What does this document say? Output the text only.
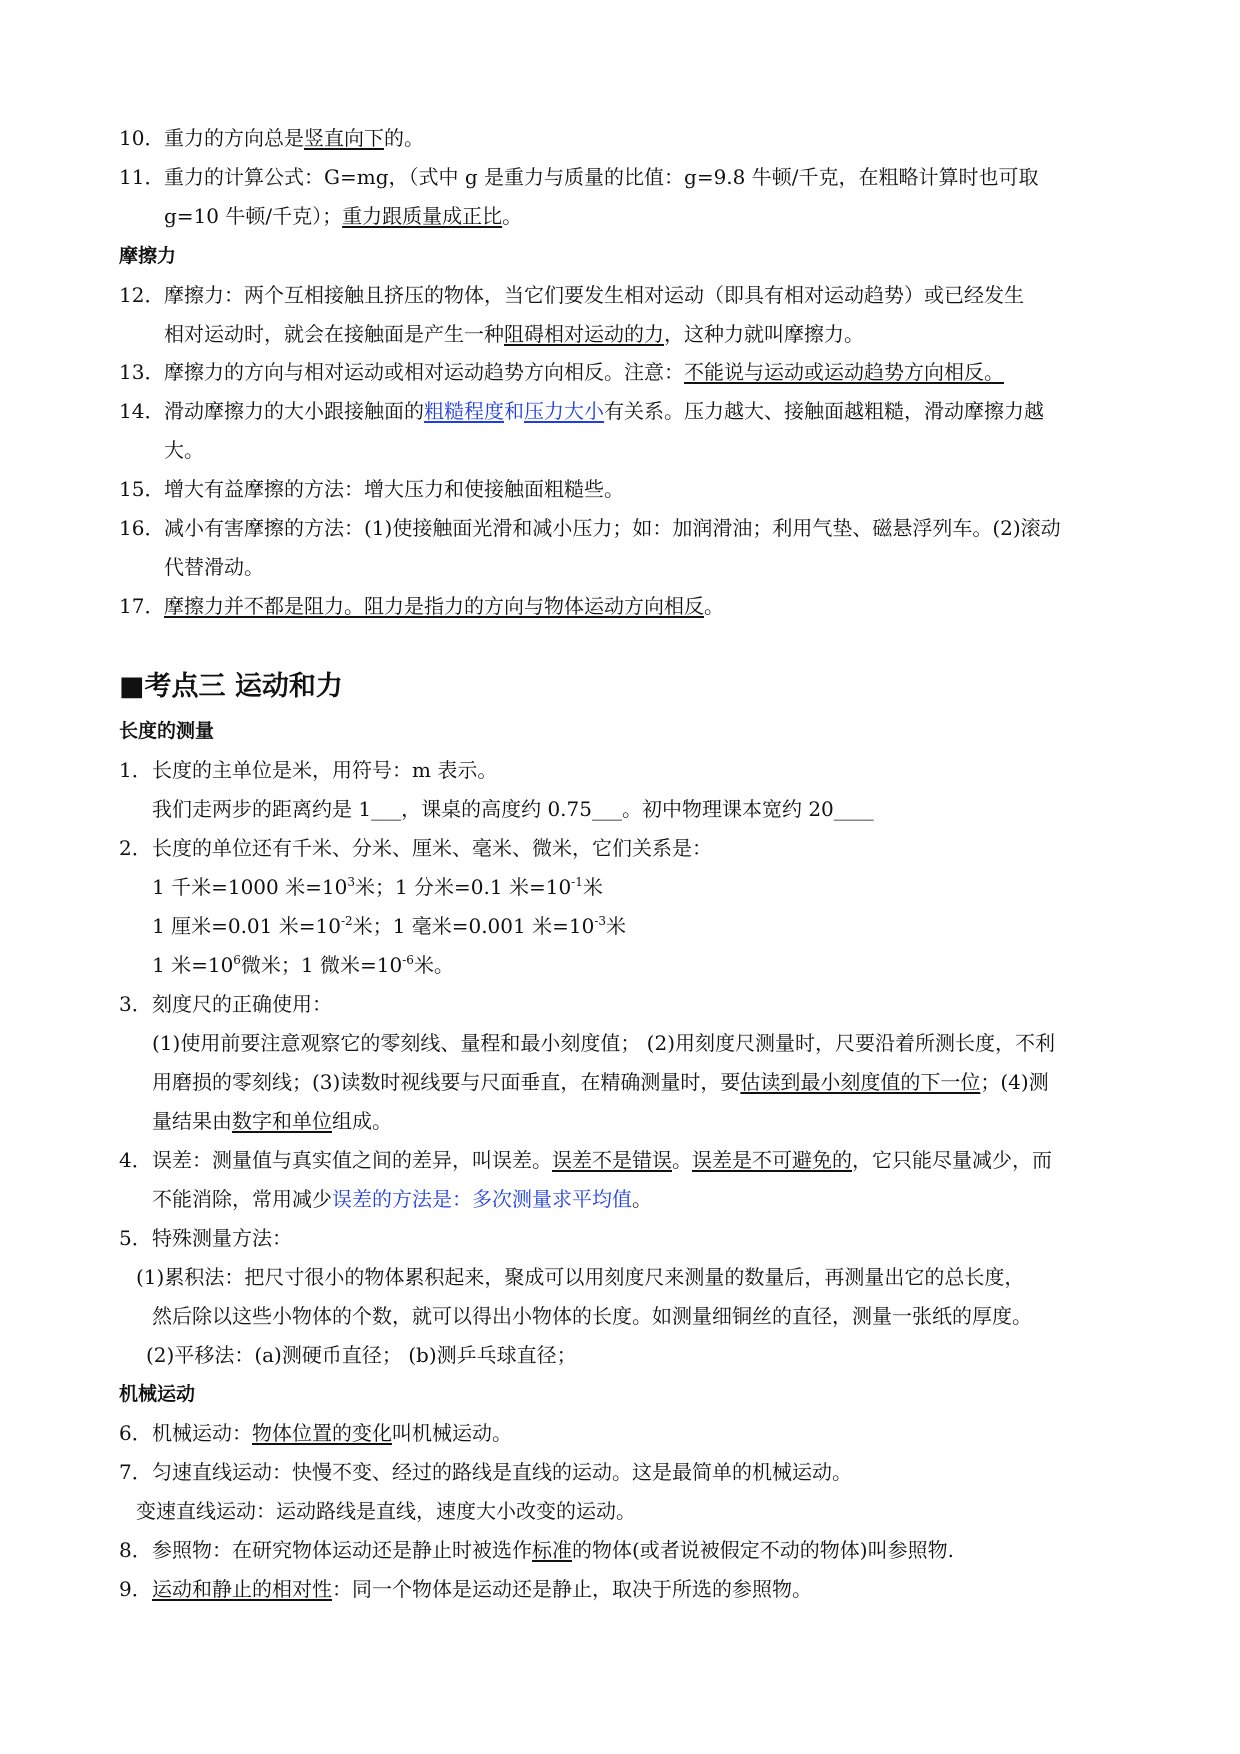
10． 重力的方向总是竖直向下的。
11． 重力的计算公式：G=mg，（式中 g 是重力与质量的比值：g=9.8 牛顿/千克，在粗略计算时也可取
g=10 牛顿/千克）；重力跟质量成正比。
摩擦力
12． 摩擦力：两个互相接触且挤压的物体，当它们要发生相对运动（即具有相对运动趋势）或已经发生
相对运动时，就会在接触面是产生一种阻碍相对运动的力，这种力就叫摩擦力。
13． 摩擦力的方向与相对运动或相对运动趋势方向相反。注意：不能说与运动或运动趋势方向相反。
14． 滑动摩擦力的大小跟接触面的粗糙程度和压力大小有关系。压力越大、接触面越粗糙，滑动摩擦力越
大。
15． 增大有益摩擦的方法：增大压力和使接触面粗糙些。
16． 减小有害摩擦的方法：(1)使接触面光滑和减小压力；如：加润滑油；利用气垫、磁悬浮列车。(2)滚动
代替滑动。
17． 摩擦力并不都是阻力。阻力是指力的方向与物体运动方向相反。
■考点三 运动和力
长度的测量
1． 长度的主单位是米，用符号：m 表示。
我们走两步的距离约是 1___，课桌的高度约 0.75___。初中物理课本宽约 20____
2． 长度的单位还有千米、分米、厘米、毫米、微米，它们关系是：
1 千米=1000 米$=10^3$米；1 分米=0.1 米$=10^{-1}$米
1 厘米=0.01 米$=10^{-2}$米；1 毫米=0.001 米$=10^{-3}$米
1 米$=10^6$微米；1 微米$=10^{-6}$米。
3． 刻度尺的正确使用：
(1)使用前要注意观察它的零刻线、量程和最小刻度值； (2)用刻度尺测量时，尺要沿着所测长度，不利
用磨损的零刻线；(3)读数时视线要与尺面垂直，在精确测量时，要估读到最小刻度值的下一位；(4)测
量结果由数字和单位组成。
4． 误差：测量值与真实值之间的差异，叫误差。误差不是错误。误差是不可避免的，它只能尽量减少，而
不能消除，常用减少误差的方法是：多次测量求平均值。
5． 特殊测量方法：
(1)累积法：把尺寸很小的物体累积起来，聚成可以用刻度尺来测量的数量后，再测量出它的总长度，
然后除以这些小物体的个数，就可以得出小物体的长度。如测量细铜丝的直径，测量一张纸的厚度。
(2)平移法：(a)测硬币直径； (b)测乒乓球直径；
机械运动
6． 机械运动：物体位置的变化叫机械运动。
7． 匀速直线运动：快慢不变、经过的路线是直线的运动。这是最简单的机械运动。
变速直线运动：运动路线是直线，速度大小改变的运动。
8． 参照物：在研究物体运动还是静止时被选作标准的物体(或者说被假定不动的物体)叫参照物.
9． 运动和静止的相对性：同一个物体是运动还是静止，取决于所选的参照物。
